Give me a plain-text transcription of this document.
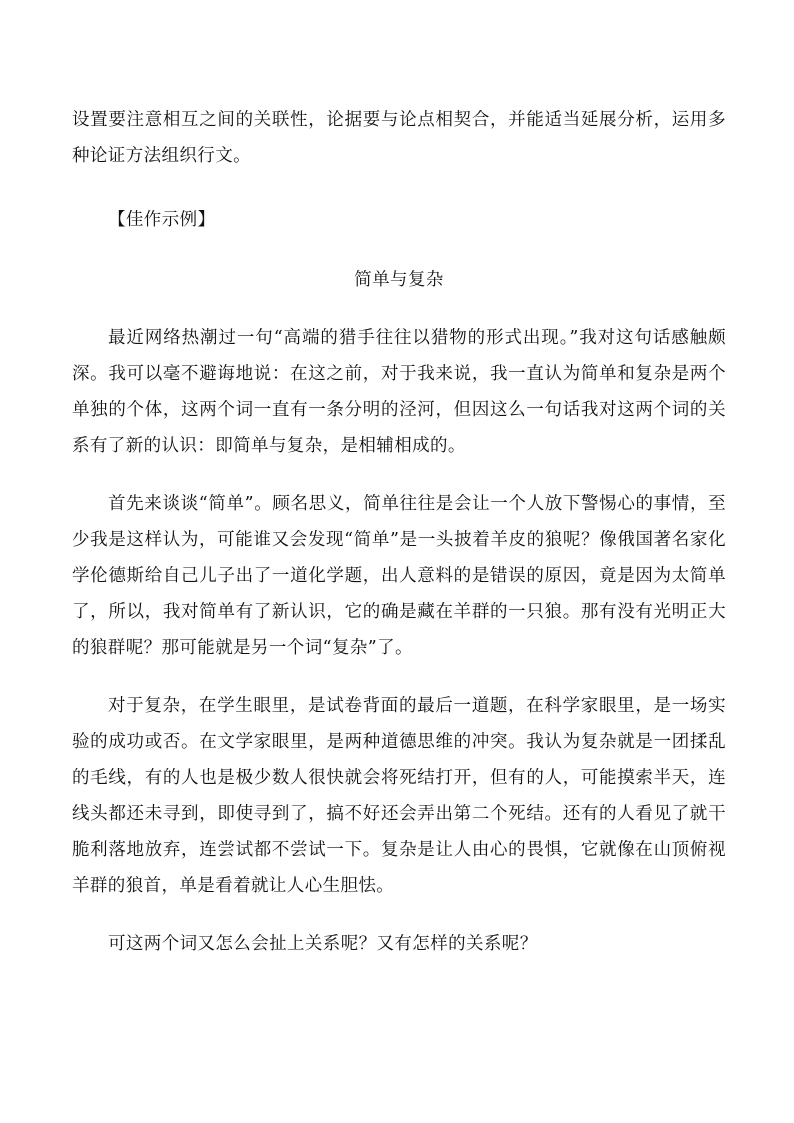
设置要注意相互之间的关联性，论据要与论点相契合，并能适当延展分析，运用多种论证方法组织行文。

【佳作示例】

简单与复杂

最近网络热潮过一句“高端的猎手往往以猎物的形式出现。”我对这句话感触颇深。我可以毫不避诲地说：在这之前，对于我来说，我一直认为简单和复杂是两个单独的个体，这两个词一直有一条分明的泾河，但因这么一句话我对这两个词的关系有了新的认识：即简单与复杂，是相辅相成的。

首先来谈谈“简单”。顾名思义，简单往往是会让一个人放下警惕心的事情，至少我是这样认为，可能谁又会发现“简单”是一头披着羊皮的狼呢？像俄国著名家化学伦德斯给自己儿子出了一道化学题，出人意料的是错误的原因，竟是因为太简单了，所以，我对简单有了新认识，它的确是藏在羊群的一只狼。那有没有光明正大的狼群呢？那可能就是另一个词“复杂”了。

对于复杂，在学生眼里，是试卷背面的最后一道题，在科学家眼里，是一场实验的成功或否。在文学家眼里，是两种道德思维的冲突。我认为复杂就是一团揉乱的毛线，有的人也是极少数人很快就会将死结打开，但有的人，可能摸索半天，连线头都还未寻到，即使寻到了，搞不好还会弄出第二个死结。还有的人看见了就干脆利落地放弃，连尝试都不尝试一下。复杂是让人由心的畏惧，它就像在山顶俯视羊群的狼首，单是看着就让人心生胆怯。

可这两个词又怎么会扯上关系呢？又有怎样的关系呢？
